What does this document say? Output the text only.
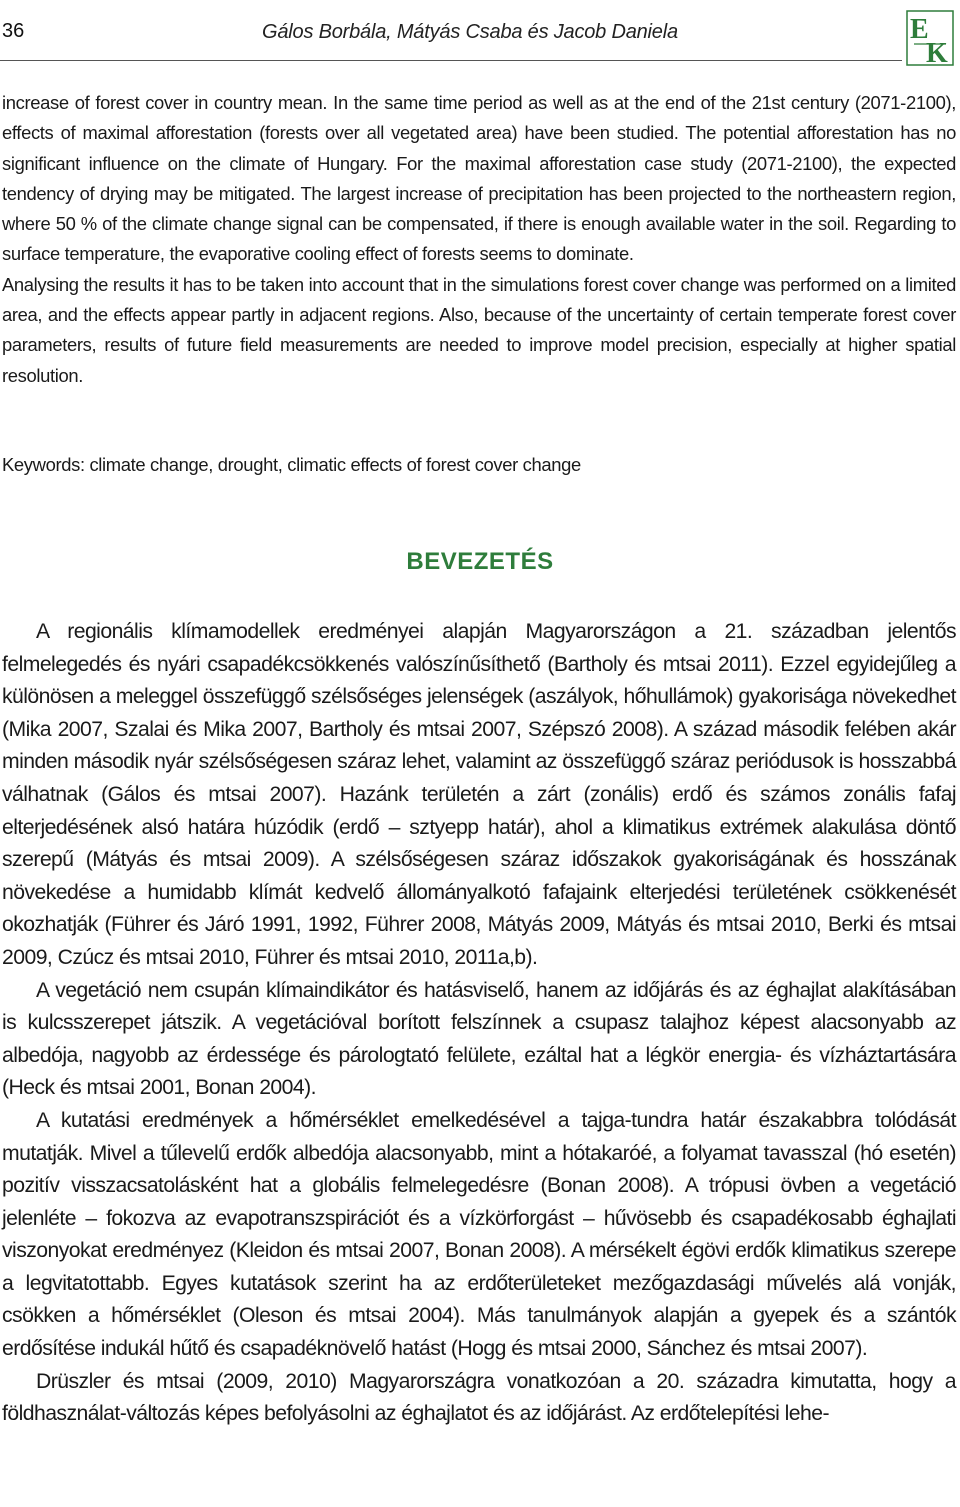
36	Gálos Borbála, Mátyás Csaba és Jacob Daniela	E
K

increase of forest cover in country mean. In the same time period as well as at the end of the 21st century (2071-2100), effects of maximal afforestation (forests over all vegetated area) have been studied. The potential afforestation has no significant influence on the climate of Hungary. For the maximal afforestation case study (2071-2100), the expected tendency of drying may be mitigated. The largest increase of precipitation has been projected to the northeastern region, where 50 % of the climate change signal can be compensated, if there is enough available water in the soil. Regarding to surface temperature, the evaporative cooling effect of forests seems to dominate.

Analysing the results it has to be taken into account that in the simulations forest cover change was performed on a limited area, and the effects appear partly in adjacent regions. Also, because of the uncertainty of certain temperate forest cover parameters, results of future field measurements are needed to improve model precision, especially at higher spatial resolution.

Keywords: climate change, drought, climatic effects of forest cover change
BEVEZETÉS

A regionális klímamodellek eredményei alapján Magyarországon a 21. században jelentős felmelegedés és nyári csapadékcsökkenés valószínűsíthető (Bartholy és mtsai 2011). Ezzel egyidejűleg a különösen a meleggel összefüggő szélsőséges jelenségek (aszályok, hőhullámok) gyakorisága növekedhet (Mika 2007, Szalai és Mika 2007, Bartholy és mtsai 2007, Szépszó 2008). A század második felében akár minden második nyár szélsőségesen száraz lehet, valamint az összefüggő száraz periódusok is hosszabbá válhatnak (Gálos és mtsai 2007). Hazánk területén a zárt (zonális) erdő és számos zonális fafaj elterjedésének alsó határa húzódik (erdő – sztyepp határ), ahol a klimatikus extrémek alakulása döntő szerepű (Mátyás és mtsai 2009). A szélsőségesen száraz időszakok gyakoriságának és hosszának növekedése a humidabb klímát kedvelő állományalkotó fafajaink elterjedési területének csökkenését okozhatják (Führer és Járó 1991, 1992, Führer 2008, Mátyás 2009, Mátyás és mtsai 2010, Berki és mtsai 2009, Czúcz és mtsai 2010, Führer és mtsai 2010, 2011a,b).

A vegetáció nem csupán klímaindikátor és hatásviselő, hanem az időjárás és az éghajlat alakításában is kulcsszerepet játszik. A vegetációval borított felszínnek a csupasz talajhoz képest alacsonyabb az albedója, nagyobb az érdessége és párologtató felülete, ezáltal hat a légkör energia- és vízháztartására (Heck és mtsai 2001, Bonan 2004).

A kutatási eredmények a hőmérséklet emelkedésével a tajga-tundra határ északabbra tolódását mutatják. Mivel a tűlevelű erdők albedója alacsonyabb, mint a hótakaróé, a folyamat tavasszal (hó esetén) pozitív visszacsatolásként hat a globális felmelegedésre (Bonan 2008). A trópusi övben a vegetáció jelenléte – fokozva az evapotranszspirációt és a vízkörforgást – hűvösebb és csapadékosabb éghajlati viszonyokat eredményez (Kleidon és mtsai 2007, Bonan 2008). A mérsékelt égövi erdők klimatikus szerepe a legvitatottabb. Egyes kutatások szerint ha az erdőterületeket mezőgazdasági művelés alá vonják, csökken a hőmérséklet (Oleson és mtsai 2004). Más tanulmányok alapján a gyepek és a szántók erdősítése indukál hűtő és csapadéknövelő hatást (Hogg és mtsai 2000, Sánchez és mtsai 2007).

Drüszler és mtsai (2009, 2010) Magyarországra vonatkozóan a 20. századra kimutatta, hogy a földhasználat-változás képes befolyásolni az éghajlatot és az időjárást. Az erdőtelepítési lehe-
